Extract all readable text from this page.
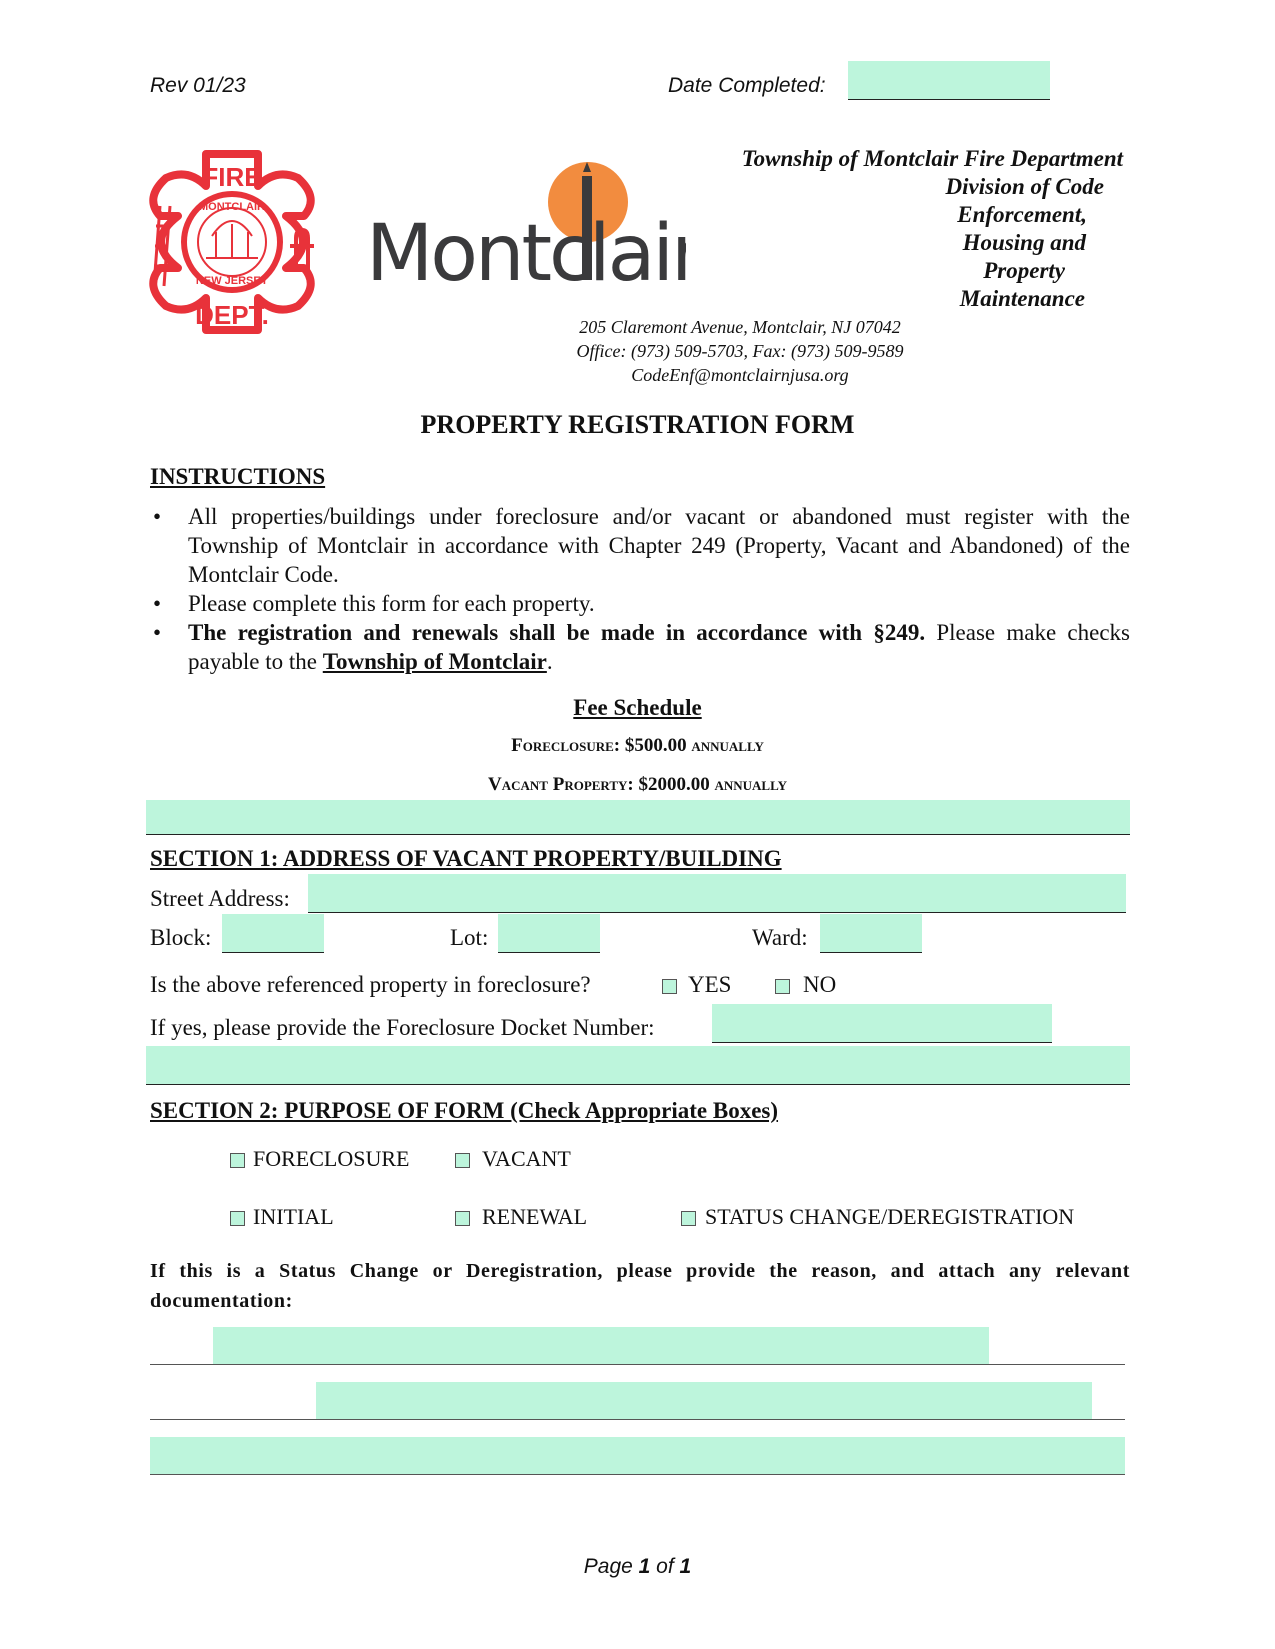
Rev 01/23	Date Completed:
FIRE
DEPT.
MONTCLAIR
NEW JERSEY Montclair
Township of Montclair Fire Department
Division of Code
Enforcement,
Housing and
Property
Maintenance
205 Claremont Avenue, Montclair, NJ 07042
Office: (973) 509-5703, Fax: (973) 509-9589
CodeEnf@montclairnjusa.org
PROPERTY REGISTRATION FORM
INSTRUCTIONS
• All properties/buildings under foreclosure and/or vacant or abandoned must register with the Township of Montclair in accordance with Chapter 249 (Property, Vacant and Abandoned) of the Montclair Code.
• Please complete this form for each property.
• The registration and renewals shall be made in accordance with §249. Please make checks payable to the Township of Montclair.
Fee Schedule
Foreclosure: $500.00 annually
Vacant Property: $2000.00 annually
SECTION 1: ADDRESS OF VACANT PROPERTY/BUILDING
Street Address:
Block:	Lot:	Ward:
Is the above referenced property in foreclosure?	YES	NO
If yes, please provide the Foreclosure Docket Number:
SECTION 2: PURPOSE OF FORM (Check Appropriate Boxes)
FORECLOSURE	VACANT
INITIAL	RENEWAL	STATUS CHANGE/DEREGISTRATION
If this is a Status Change or Deregistration, please provide the reason, and attach any relevant documentation:
Page 1 of 1
